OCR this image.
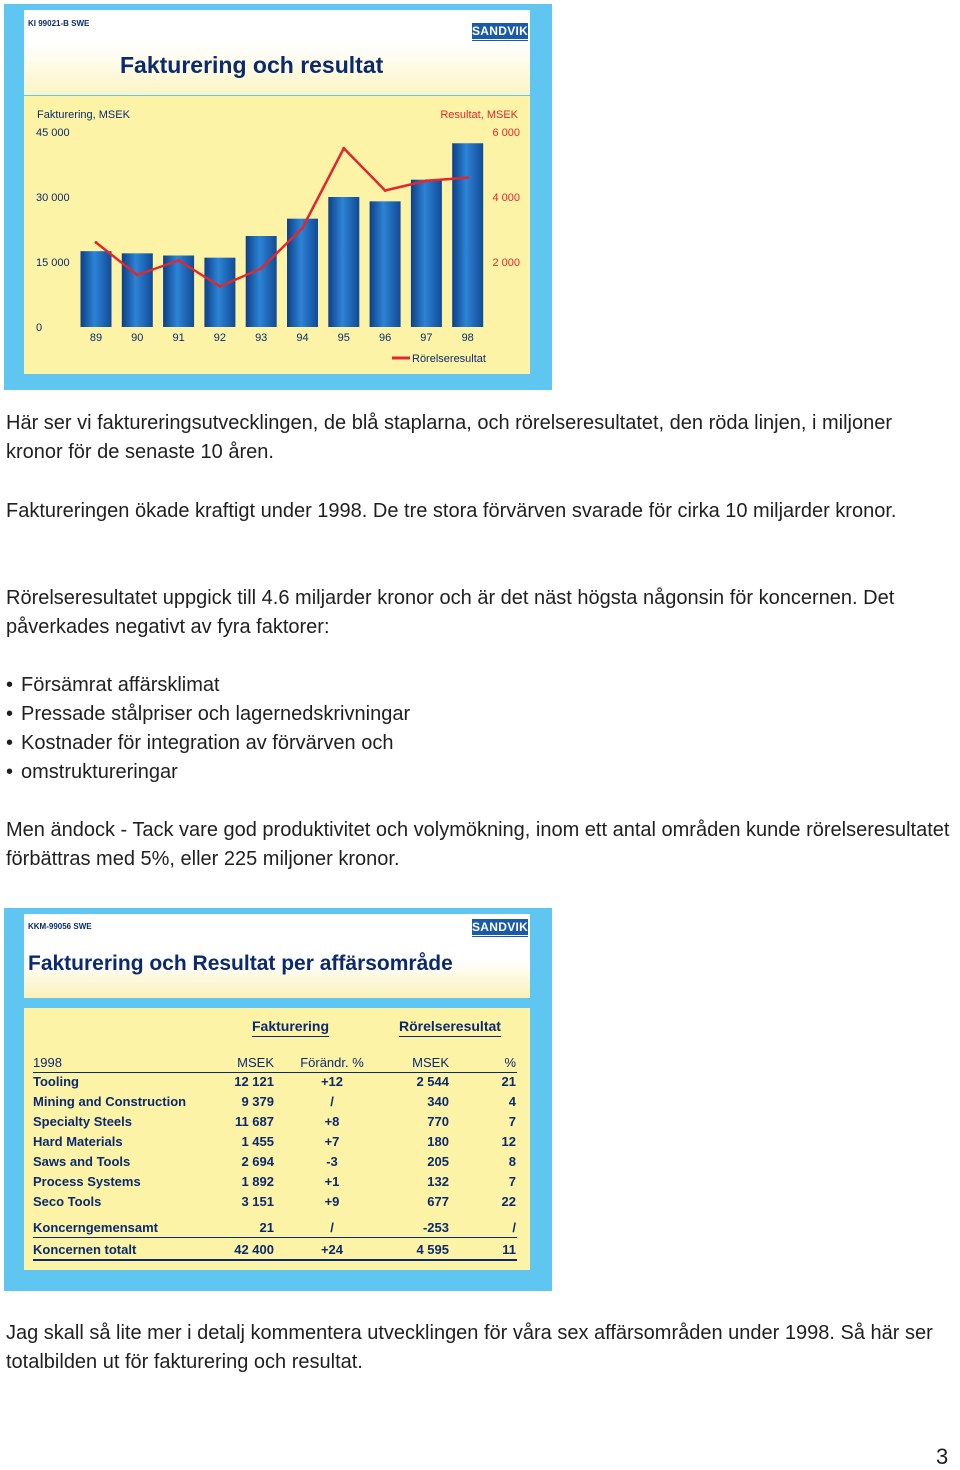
KI 99021-B SWE
SANDVIK
Fakturering och resultat
Fakturering, MSEK	Resultat, MSEK
0
15 000
30 000
45 000
2 000
4 000
6 000
89	90	91	92	93	94	95	96	97	98
Rörelseresultat

Här ser vi faktureringsutvecklingen, de blå staplarna, och rörelseresultatet, den röda linjen, i miljoner kronor för de senaste 10 åren.

Faktureringen ökade kraftigt under 1998. De tre stora förvärven svarade för cirka 10 miljarder kronor.

Rörelseresultatet uppgick till 4.6 miljarder kronor och är det näst högsta någonsin för koncernen. Det påverkades negativt av fyra faktorer:

• Försämrat affärsklimat
• Pressade stålpriser och lagernedskrivningar
• Kostnader för integration av förvärven och
• omstruktureringar

Men ändock - Tack vare god produktivitet och volymökning, inom ett antal områden kunde rörelseresultatet förbättras med 5%, eller 225 miljoner kronor.

KKM-99056 SWE	SANDVIK
Fakturering och Resultat per affärsområde
Fakturering	Rörelseresultat
1998	MSEK	Förändr. %	MSEK	%
Tooling	12 121	+12	2 544	21
Mining and Construction	9 379	/	340	4
Specialty Steels	11 687	+8	770	7
Hard Materials	1 455	+7	180	12
Saws and Tools	2 694	-3	205	8
Process Systems	1 892	+1	132	7
Seco Tools	3 151	+9	677	22
Koncerngemensamt	21	/	-253	/
Koncernen totalt	42 400	+24	4 595	11

Jag skall så lite mer i detalj kommentera utvecklingen för våra sex affärsområden under 1998. Så här ser totalbilden ut för fakturering och resultat.

3
